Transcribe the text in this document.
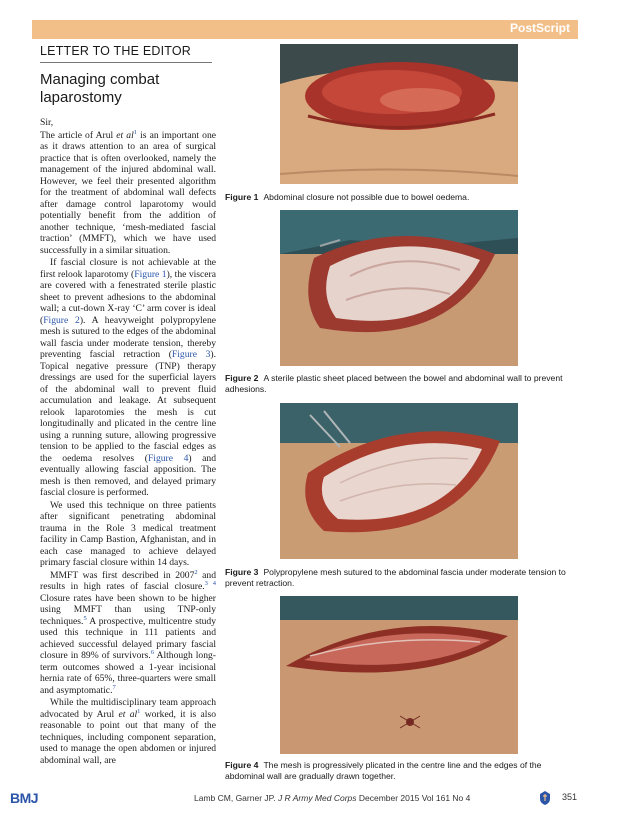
PostScript
LETTER TO THE EDITOR
Managing combat laparostomy

Sir,

The article of Arul et $al^1$ is an important one as it draws attention to an area of surgical practice that is often overlooked, namely the management of the injured abdominal wall. However, we feel their presented algorithm for the treatment of abdominal wall defects after damage control laparotomy would potentially benefit from the addition of another technique, ‘mesh-mediated fascial traction’ (MMFT), which we have used successfully in a similar situation.

If fascial closure is not achievable at the first relook laparotomy (Figure 1), the viscera are covered with a fenestrated sterile plastic sheet to prevent adhesions to the abdominal wall; a cut-down X-ray ‘C’ arm cover is ideal (Figure 2). A heavyweight polypropylene mesh is sutured to the edges of the abdominal wall fascia under moderate tension, thereby preventing fascial retraction (Figure 3). Topical negative pressure (TNP) therapy dressings are used for the superficial layers of the abdominal wall to prevent fluid accumulation and leakage. At subsequent relook laparotomies the mesh is cut longitudinally and plicated in the centre line using a running suture, allowing progressive tension to be applied to the fascial edges as the oedema resolves (Figure 4) and eventually allowing fascial apposition. The mesh is then removed, and delayed primary fascial closure is performed.

We used this technique on three patients after significant penetrating abdominal trauma in the Role 3 medical treatment facility in Camp Bastion, Afghanistan, and in each case managed to achieve delayed primary fascial closure within 14 days.

MMFT was first described in 2007$^2$ and results in high rates of fascial closure.$^{3 4}$ Closure rates have been shown to be higher using MMFT than using TNP-only techniques.$^5$ A prospective, multicentre study used this technique in 111 patients and achieved successful delayed primary fascial closure in 89% of survivors.$^6$ Although long-term outcomes showed a 1-year incisional hernia rate of 65%, three-quarters were small and asymptomatic.$^7$

While the multidisciplinary team approach advocated by Arul et $al^1$ worked, it is also reasonable to point out that many of the techniques, including component separation, used to manage the open abdomen or injured abdominal wall, are

Figure 1 Abdominal closure not possible due to bowel oedema.
Figure 2 A sterile plastic sheet placed between the bowel and abdominal wall to prevent adhesions.
Figure 3 Polypropylene mesh sutured to the abdominal fascia under moderate tension to prevent retraction.
Figure 4 The mesh is progressively plicated in the centre line and the edges of the abdominal wall are gradually drawn together.
BMJ	Lamb CM, Garner JP. J R Army Med Corps December 2015 Vol 161 No 4	351
